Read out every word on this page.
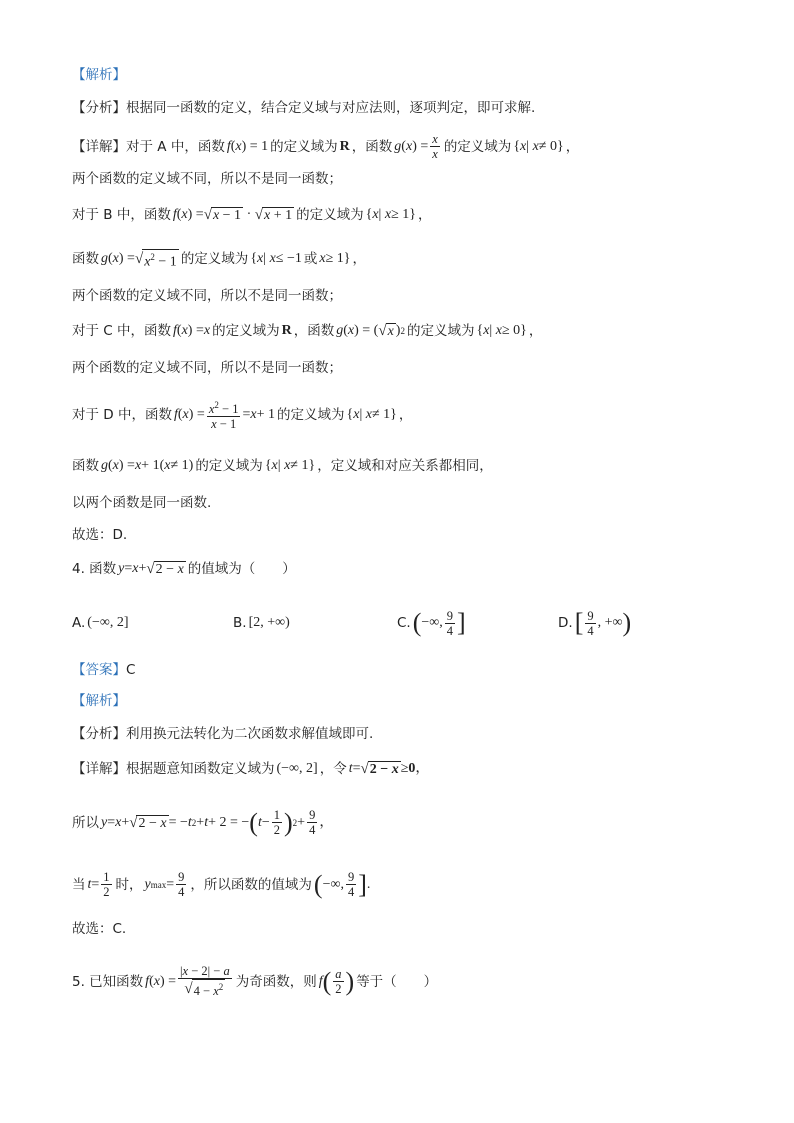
【解析】
【分析】 根据同一函数的定义，结合定义域与对应法则，逐项判定，即可求解.
【详解】 对于 A 中，函数 f ( x ) = 1 的定义域为 R ，函数 g ( x ) = $\frac{x}{x}$ 的定义域为 { x | x ≠ 0} ，
两个函数的定义域不同，所以不是同一函数；
对于 B 中，函数 f ( x ) = √ x − 1 · √ x + 1 的定义域为 { x | x ≥ 1} ，
函数 g ( x ) = √ $x^2 - 1$ 的定义域为 { x | x ≤ −1 或 x ≥ 1} ，
两个函数的定义域不同，所以不是同一函数；
对于 C 中，函数 f ( x ) = x 的定义域为 R ，函数 g ( x ) = ( √ x ) 2 的定义域为 { x | x ≥ 0} ，
两个函数的定义域不同，所以不是同一函数；
对于 D 中，函数 f ( x ) = $\frac{x^2 - 1}{x - 1} = x + 1$ 的定义域为 { x | x ≠ 1} ，
函数 g ( x ) = x + 1( x ≠ 1) 的定义域为 { x | x ≠ 1} ，定义域和对应关系都相同，
以两个函数是同一函数.
故选：D.
4. 函数 y = x + √ 2 − x 的值域为（　　）
A. (−∞, 2]	B. [2, +∞)	C. ( −∞, $\frac{9}{4}$ ]	D. [ $\frac{9}{4}$ , +∞ )
【答案】 C
【解析】
【分析】 利用换元法转化为二次函数求解值域即可.
【详解】 根据题意知函数定义域为 (−∞, 2] ，令 t = √ 2 − x ≥ 0 ，
所以 y = x + √ 2 − x = − t 2 + t + 2 = − ( $t - \frac{1}{2}$ ) $2 + \frac{9}{4}$ ，
当 $t = \frac{1}{2}$ 时， y $\max = \frac{9}{4}$ ，所以函数的值域为 ( −∞, $\frac{9}{4}$ ] .
故选：C.
5. 已知函数 f ( x ) = $\frac{|x - 2| - a}{√ 4 - x^2}$ 为奇函数，则 f ( $\frac{a}{2}$ ) 等于（　　）
